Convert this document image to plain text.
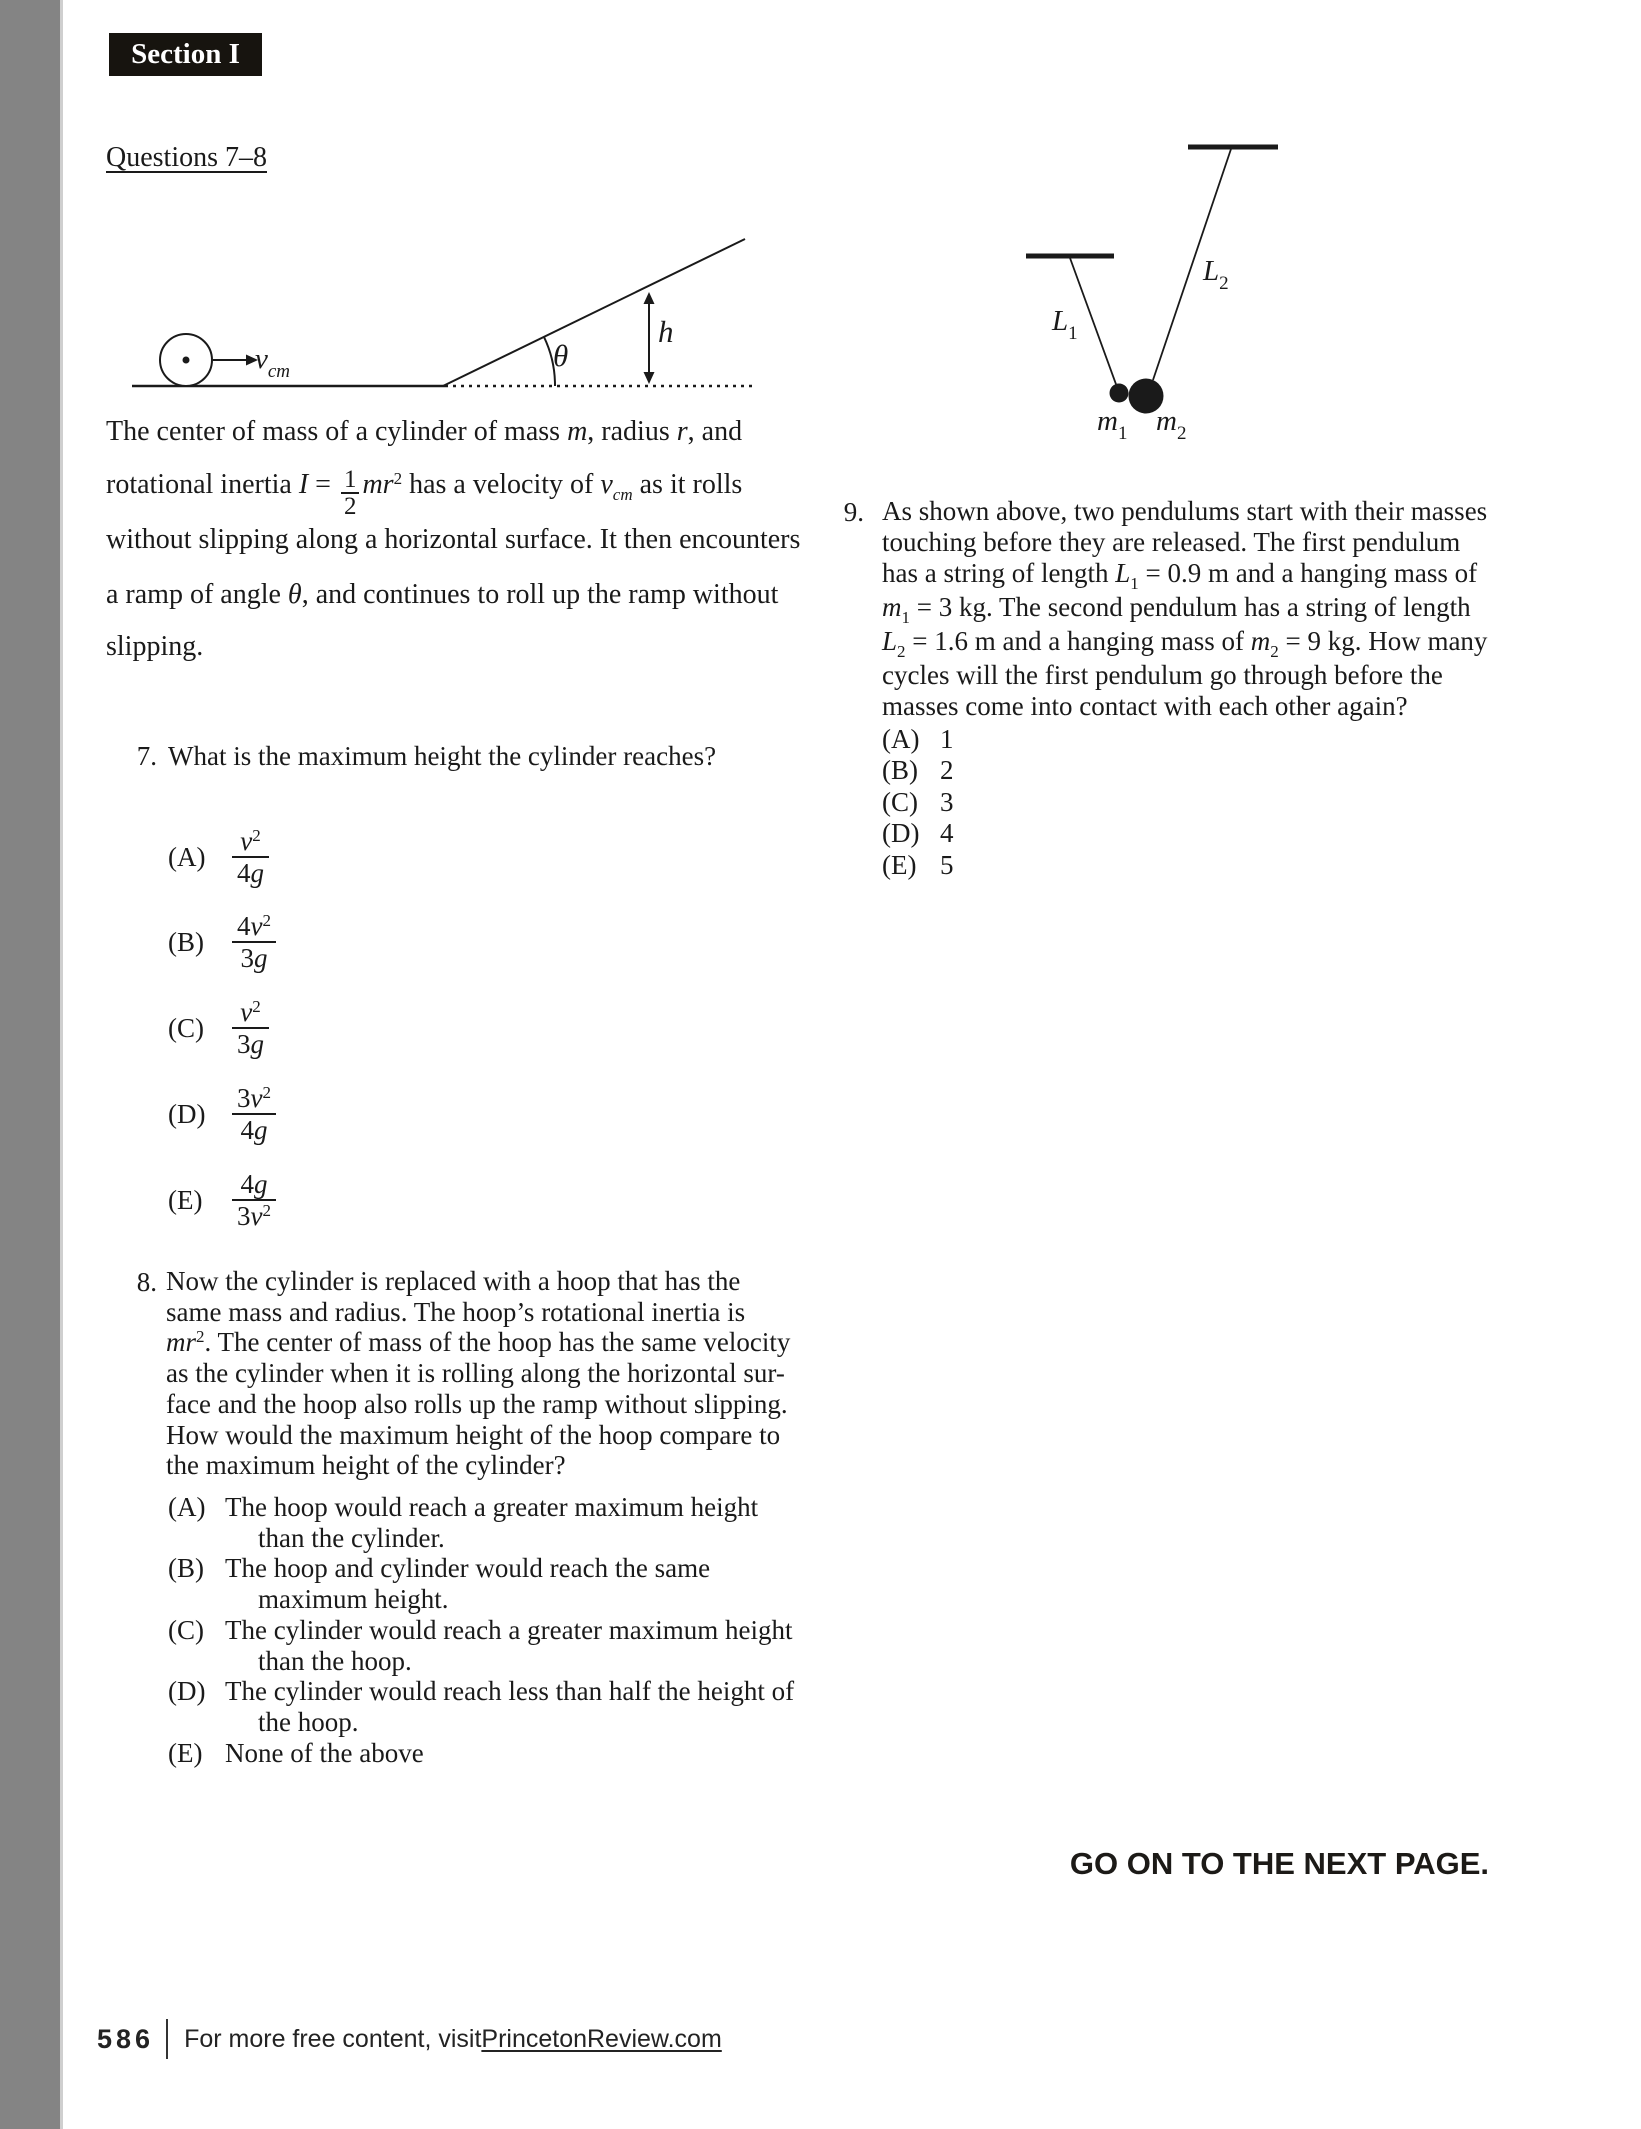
Section I
Questions 7–8
$v_{cm}$	θ
h
The center of mass of a cylinder of mass m, radius r, and
rotational inertia $I = \frac{1}{2} mr^2$ has a velocity of $v_{cm}$ as it rolls
without slipping along a horizontal surface. It then encounters
a ramp of angle θ, and continues to roll up the ramp without
slipping.
7. What is the maximum height the cylinder reaches?
$(A) \frac{v^2}{4g}$
(B)	$\frac{4v^2}{3g}$
(C)	$\frac{v^2}{3g}$
$(D) \frac{3v^2}{4g}$
(E)	$\frac{4g}{3v^2}$
8. Now the cylinder is replaced with a hoop that has the
same mass and radius. The hoop’s rotational inertia is
$mr^2$. The center of mass of the hoop has the same velocity
as the cylinder when it is rolling along the horizontal sur-
face and the hoop also rolls up the ramp without slipping.
How would the maximum height of the hoop compare to
the maximum height of the cylinder?
(A) The hoop would reach a greater maximum height
than the cylinder.
(B) The hoop and cylinder would reach the same
maximum height.
(C) The cylinder would reach a greater maximum height
than the hoop.
(D) The cylinder would reach less than half the height of
the hoop.
(E) None of the above
$L_1$
$L_2$
$m_1$ $m_2$
9. As shown above, two pendulums start with their masses
touching before they are released. The first pendulum
has a string of length $L_1 = 0.9$ m and a hanging mass of
$m_1 = 3$ kg. The second pendulum has a string of length
$L_2 = 1.6$ m and a hanging mass of $m_2 = 9$ kg. How many
cycles will the first pendulum go through before the
masses come into contact with each other again?
(A) 1
(B) 2
(C) 3
(D) 4
(E) 5
GO ON TO THE NEXT PAGE.
586 For more free content, visit PrincetonReview.com
